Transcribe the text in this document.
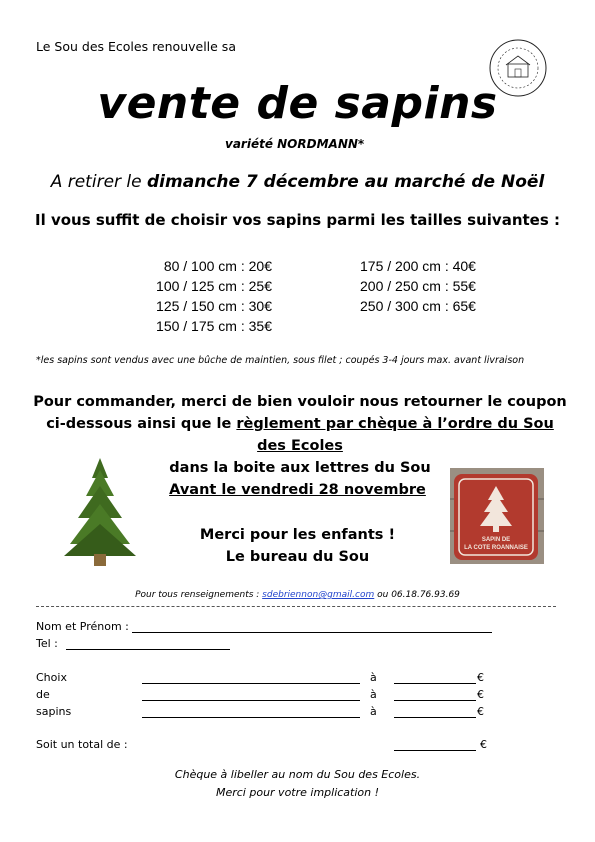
Le Sou des Ecoles renouvelle sa
vente de sapins
variété NORDMANN*
A retirer le dimanche 7 décembre au marché de Noël
Il vous suffit de choisir vos sapins parmi les tailles suivantes :
80 / 100 cm : 20€
100 / 125 cm : 25€
125 / 150 cm : 30€
150 / 175 cm : 35€
175 / 200 cm : 40€
200 / 250 cm : 55€
250 / 300 cm : 65€
*les sapins sont vendus avec une bûche de maintien, sous filet ; coupés 3-4 jours max. avant livraison
Pour commander, merci de bien vouloir nous retourner le coupon ci-dessous ainsi que le règlement par chèque à l’ordre du Sou des Ecoles
dans la boite aux lettres du Sou
Avant le vendredi 28 novembre
Merci pour les enfants !
Le bureau du Sou
SAPIN DE
LA COTE ROANNAISE
Pour tous renseignements : sdebriennon@gmail.com ou 06.18.76.93.69
Nom et Prénom :
Tel :
Choix
de
sapins
à
à
à
€
€
€
Soit un total de :	€
Chèque à libeller au nom du Sou des Ecoles.
Merci pour votre implication !
